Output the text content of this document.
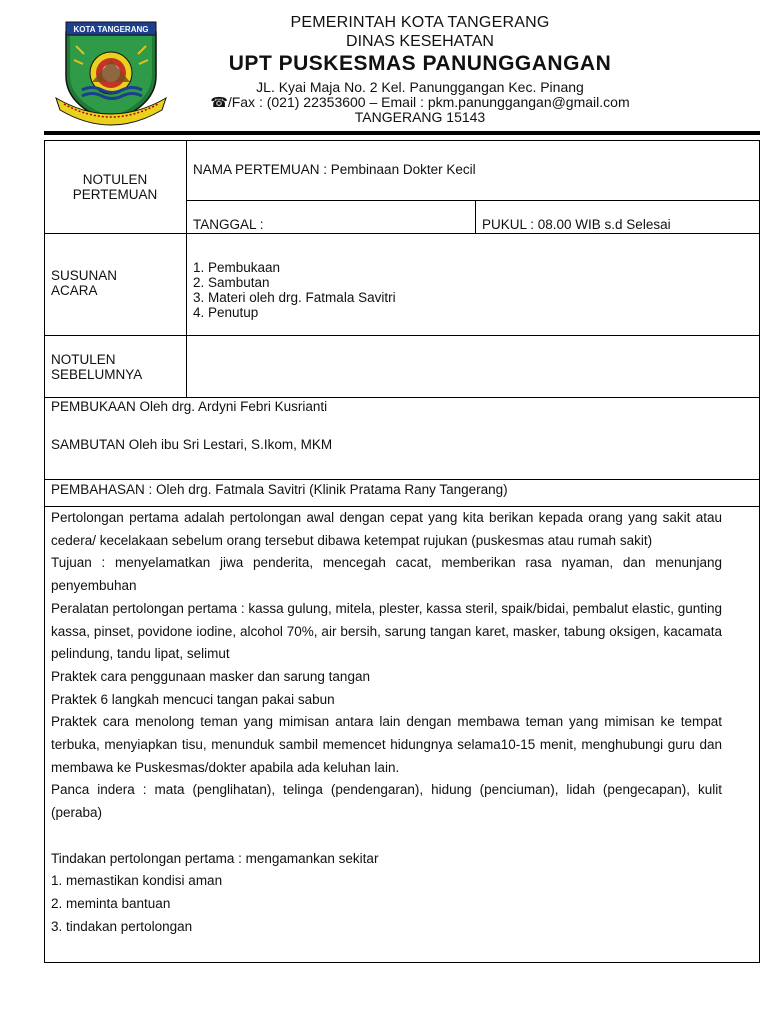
KOTA TANGERANG	PEMERINTAH KOTA TANGERANG
DINAS KESEHATAN
UPT PUSKESMAS PANUNGGANGAN
JL. Kyai Maja No. 2 Kel. Panunggangan Kec. Pinang
☎/Fax : (021) 22353600 – Email : pkm.panunggangan@gmail.com
TANGERANG 15143
NOTULEN
PERTEMUAN
NAMA PERTEMUAN : Pembinaan Dokter Kecil
TANGGAL :	PUKUL : 08.00 WIB s.d Selesai
SUSUNAN
ACARA
1. Pembukaan
2. Sambutan
3. Materi oleh drg. Fatmala Savitri
4. Penutup
NOTULEN
SEBELUMNYA
PEMBUKAAN Oleh drg. Ardyni Febri Kusrianti
SAMBUTAN Oleh ibu Sri Lestari, S.Ikom, MKM
PEMBAHASAN : Oleh drg. Fatmala Savitri (Klinik Pratama Rany Tangerang)
Pertolongan pertama adalah pertolongan awal dengan cepat yang kita berikan kepada orang yang sakit atau cedera/ kecelakaan sebelum orang tersebut dibawa ketempat rujukan (puskesmas atau rumah sakit)
Tujuan : menyelamatkan jiwa penderita, mencegah cacat, memberikan rasa nyaman, dan menunjang penyembuhan
Peralatan pertolongan pertama : kassa gulung, mitela, plester, kassa steril, spaik/bidai, pembalut elastic, gunting kassa, pinset, povidone iodine, alcohol 70%, air bersih, sarung tangan karet, masker, tabung oksigen, kacamata pelindung, tandu lipat, selimut
Praktek cara penggunaan masker dan sarung tangan
Praktek 6 langkah mencuci tangan pakai sabun
Praktek cara menolong teman yang mimisan antara lain dengan membawa teman yang mimisan ke tempat terbuka, menyiapkan tisu, menunduk sambil memencet hidungnya selama10-15 menit, menghubungi guru dan membawa ke Puskesmas/dokter apabila ada keluhan lain.
Panca indera : mata (penglihatan), telinga (pendengaran), hidung (penciuman), lidah (pengecapan), kulit (peraba)
Tindakan pertolongan pertama : mengamankan sekitar
1. memastikan kondisi aman
2. meminta bantuan
3. tindakan pertolongan
